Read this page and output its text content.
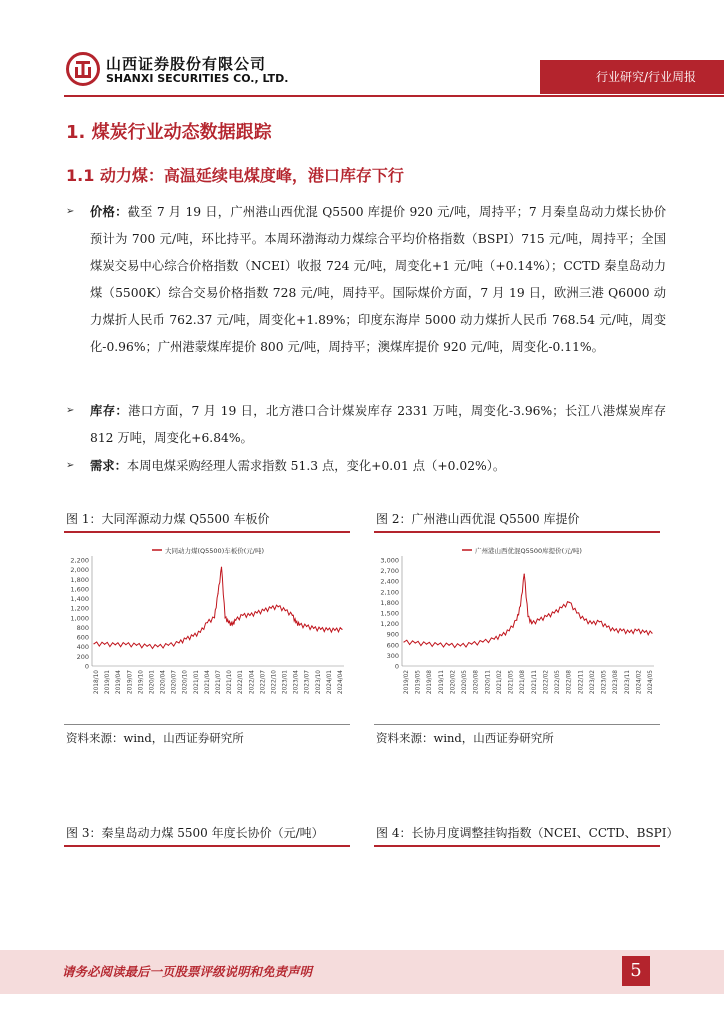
山西证券股份有限公司
SHANXI SECURITIES CO., LTD.	行业研究/行业周报
1. 煤炭行业动态数据跟踪
1.1 动力煤：高温延续电煤度峰，港口库存下行
➢ 价格：截至 7 月 19 日，广州港山西优混 Q5500 库提价 920 元/吨，周持平；7 月秦皇岛动力煤长协价预计为 700 元/吨，环比持平。本周环渤海动力煤综合平均价格指数（BSPI）715 元/吨，周持平；全国煤炭交易中心综合价格指数（NCEI）收报 724 元/吨，周变化+1 元/吨（+0.14%）；CCTD 秦皇岛动力煤（5500K）综合交易价格指数 728 元/吨，周持平。国际煤价方面，7 月 19 日，欧洲三港 Q6000 动力煤折人民币 762.37 元/吨，周变化+1.89%；印度东海岸 5000 动力煤折人民币 768.54 元/吨，周变化-0.96%；广州港蒙煤库提价 800 元/吨，周持平；澳煤库提价 920 元/吨，周变化-0.11%。
➢ 库存：港口方面，7 月 19 日，北方港口合计煤炭库存 2331 万吨，周变化-3.96%；长江八港煤炭库存 812 万吨，周变化+6.84%。
➢ 需求：本周电煤采购经理人需求指数 51.3 点，变化+0.01 点（+0.02%）。
图 1：大同浑源动力煤 Q5500 车板价
0
200
400
600
800
1,000
1,200
1,400
1,600
1,800
2,000
2,200
2018/10 2019/01 2019/04 2019/07 2019/10 2020/01 2020/04 2020/07 2020/10 2021/01 2021/04 2021/07 2021/10 2022/01 2022/04 2022/07 2022/10 2023/01 2023/04 2023/07 2023/10 2024/01 2024/04
大同动力煤(Q5500)车板价(元/吨)
资料来源：wind，山西证券研究所
图 2：广州港山西优混 Q5500 库提价
0
300
600
900
1,200
1,500
1,800
2,100
2,400
2,700
3,000
2019/02 2019/05 2019/08 2019/11 2020/02 2020/05 2020/08 2020/11 2021/02 2021/05 2021/08 2021/11 2022/02 2022/05 2022/08 2022/11 2023/02 2023/05 2023/08 2023/11 2024/02 2024/05
广州港山西优混Q5500库提价(元/吨)
资料来源：wind，山西证券研究所
图 3：秦皇岛动力煤 5500 年度长协价（元/吨）	图 4：长协月度调整挂钩指数（NCEI、CCTD、BSPI）
请务必阅读最后一页股票评级说明和免责声明	5
